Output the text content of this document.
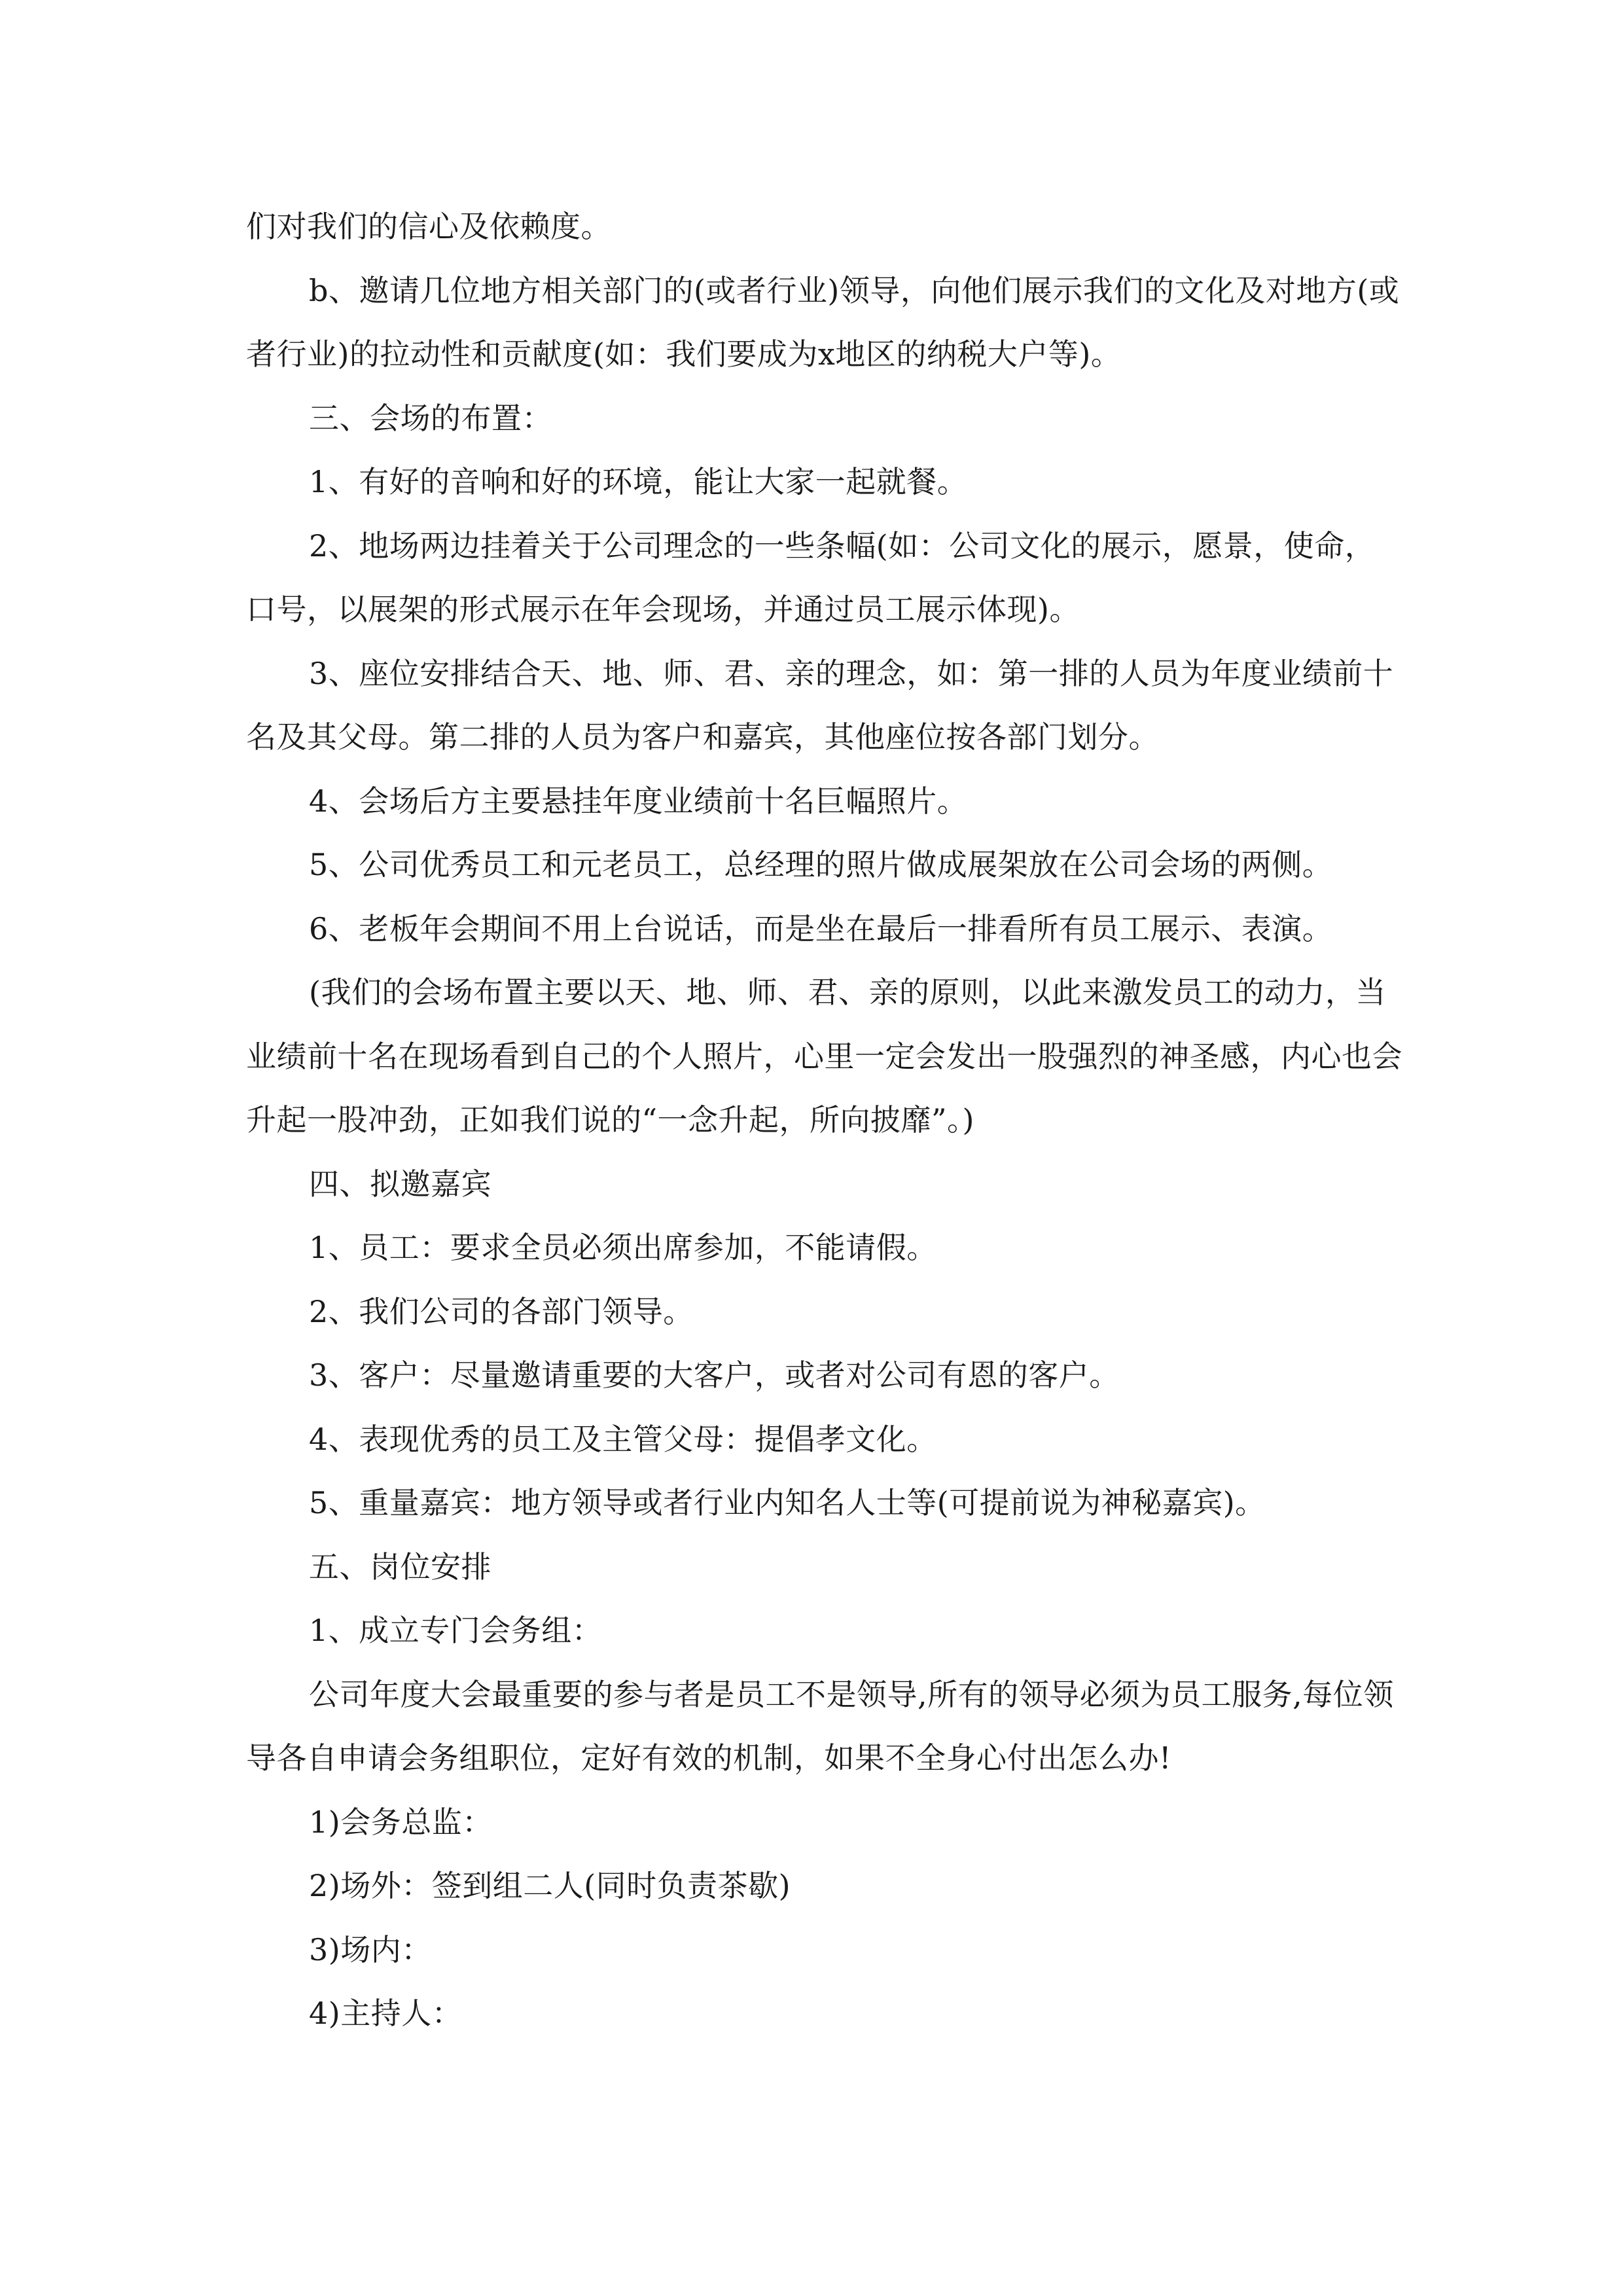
们对我们的信心及依赖度。

b、邀请几位地方相关部门的(或者行业)领导，向他们展示我们的文化及对地方(或者行业)的拉动性和贡献度(如：我们要成为x地区的纳税大户等)。

三、会场的布置：

1、有好的音响和好的环境，能让大家一起就餐。

2、地场两边挂着关于公司理念的一些条幅(如：公司文化的展示，愿景，使命，口号，以展架的形式展示在年会现场，并通过员工展示体现)。

3、座位安排结合天、地、师、君、亲的理念，如：第一排的人员为年度业绩前十名及其父母。第二排的人员为客户和嘉宾，其他座位按各部门划分。

4、会场后方主要悬挂年度业绩前十名巨幅照片。

5、公司优秀员工和元老员工，总经理的照片做成展架放在公司会场的两侧。

6、老板年会期间不用上台说话，而是坐在最后一排看所有员工展示、表演。

(我们的会场布置主要以天、地、师、君、亲的原则，以此来激发员工的动力，当业绩前十名在现场看到自己的个人照片，心里一定会发出一股强烈的神圣感，内心也会升起一股冲劲，正如我们说的“一念升起，所向披靡”。)

四、拟邀嘉宾

1、员工：要求全员必须出席参加，不能请假。

2、我们公司的各部门领导。

3、客户：尽量邀请重要的大客户，或者对公司有恩的客户。

4、表现优秀的员工及主管父母：提倡孝文化。

5、重量嘉宾：地方领导或者行业内知名人士等(可提前说为神秘嘉宾)。

五、岗位安排

1、成立专门会务组：

公司年度大会最重要的参与者是员工不是领导,所有的领导必须为员工服务,每位领导各自申请会务组职位，定好有效的机制，如果不全身心付出怎么办!

1)会务总监：

2)场外：签到组二人(同时负责茶歇)

3)场内：

4)主持人：
